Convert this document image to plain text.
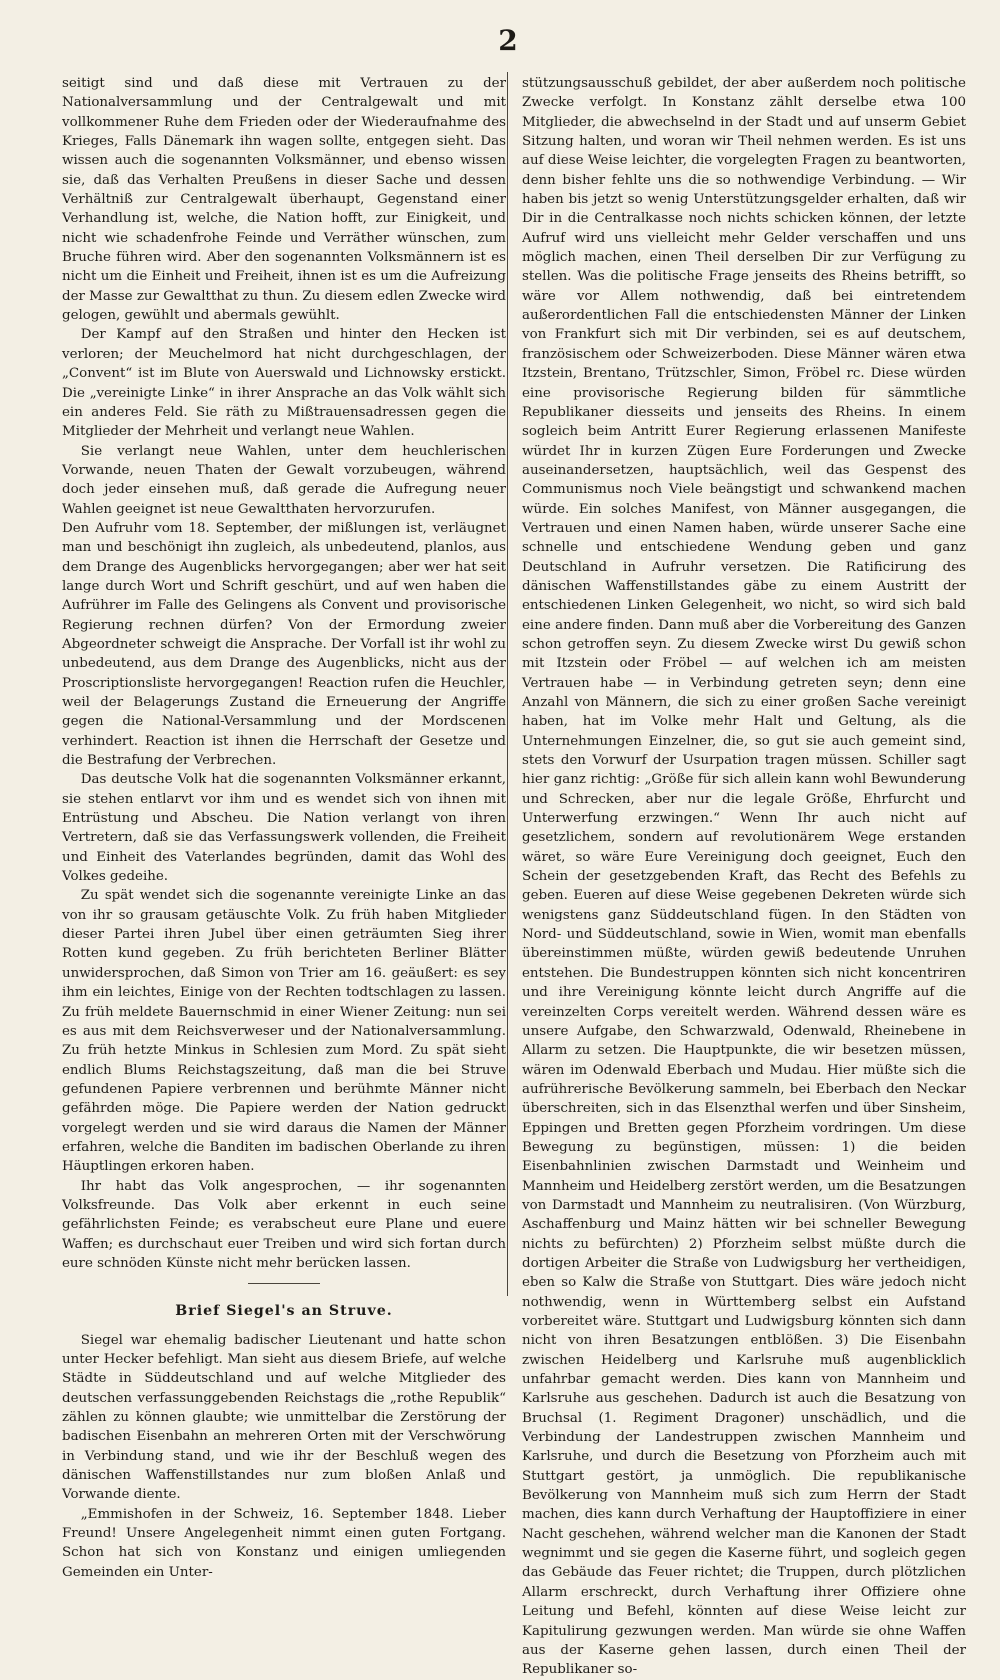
2

seitigt sind und daß diese mit Vertrauen zu der Nationalversammlung und der Centralgewalt und mit vollkommener Ruhe dem Frieden oder der Wiederaufnahme des Krieges, Falls Dänemark ihn wagen sollte, entgegen sieht. Das wissen auch die sogenannten Volksmänner, und ebenso wissen sie, daß das Verhalten Preußens in dieser Sache und dessen Verhältniß zur Centralgewalt überhaupt, Gegenstand einer Verhandlung ist, welche, die Nation hofft, zur Einigkeit, und nicht wie schadenfrohe Feinde und Verräther wünschen, zum Bruche führen wird. Aber den sogenannten Volksmännern ist es nicht um die Einheit und Freiheit, ihnen ist es um die Aufreizung der Masse zur Gewaltthat zu thun. Zu diesem edlen Zwecke wird gelogen, gewühlt und abermals gewühlt.

Der Kampf auf den Straßen und hinter den Hecken ist verloren; der Meuchelmord hat nicht durchgeschlagen, der „Convent“ ist im Blute von Auerswald und Lichnowsky erstickt. Die „vereinigte Linke“ in ihrer Ansprache an das Volk wählt sich ein anderes Feld. Sie räth zu Mißtrauensadressen gegen die Mitglieder der Mehrheit und verlangt neue Wahlen.

Sie verlangt neue Wahlen, unter dem heuchlerischen Vorwande, neuen Thaten der Gewalt vorzubeugen, während doch jeder einsehen muß, daß gerade die Aufregung neuer Wahlen geeignet ist neue Gewaltthaten hervorzurufen.

Den Aufruhr vom 18. September, der mißlungen ist, verläugnet man und beschönigt ihn zugleich, als unbedeutend, planlos, aus dem Drange des Augenblicks hervorgegangen; aber wer hat seit lange durch Wort und Schrift geschürt, und auf wen haben die Aufrührer im Falle des Gelingens als Convent und provisorische Regierung rechnen dürfen? Von der Ermordung zweier Abgeordneter schweigt die Ansprache. Der Vorfall ist ihr wohl zu unbedeutend, aus dem Drange des Augenblicks, nicht aus der Proscriptionsliste hervorgegangen! Reaction rufen die Heuchler, weil der Belagerungs Zustand die Erneuerung der Angriffe gegen die National-Versammlung und der Mordscenen verhindert. Reaction ist ihnen die Herrschaft der Gesetze und die Bestrafung der Verbrechen.

Das deutsche Volk hat die sogenannten Volksmänner erkannt, sie stehen entlarvt vor ihm und es wendet sich von ihnen mit Entrüstung und Abscheu. Die Nation verlangt von ihren Vertretern, daß sie das Verfassungswerk vollenden, die Freiheit und Einheit des Vaterlandes begründen, damit das Wohl des Volkes gedeihe.

Zu spät wendet sich die sogenannte vereinigte Linke an das von ihr so grausam getäuschte Volk. Zu früh haben Mitglieder dieser Partei ihren Jubel über einen geträumten Sieg ihrer Rotten kund gegeben. Zu früh berichteten Berliner Blätter unwidersprochen, daß Simon von Trier am 16. geäußert: es sey ihm ein leichtes, Einige von der Rechten todtschlagen zu lassen. Zu früh meldete Bauernschmid in einer Wiener Zeitung: nun sei es aus mit dem Reichsverweser und der Nationalversammlung. Zu früh hetzte Minkus in Schlesien zum Mord. Zu spät sieht endlich Blums Reichstagszeitung, daß man die bei Struve gefundenen Papiere verbrennen und berühmte Männer nicht gefährden möge. Die Papiere werden der Nation gedruckt vorgelegt werden und sie wird daraus die Namen der Männer erfahren, welche die Banditen im badischen Oberlande zu ihren Häuptlingen erkoren haben.

Ihr habt das Volk angesprochen, — ihr sogenannten Volksfreunde. Das Volk aber erkennt in euch seine gefährlichsten Feinde; es verabscheut eure Plane und euere Waffen; es durchschaut euer Treiben und wird sich fortan durch eure schnöden Künste nicht mehr berücken lassen.

Brief Siegel's an Struve.

Siegel war ehemalig badischer Lieutenant und hatte schon unter Hecker befehligt. Man sieht aus diesem Briefe, auf welche Städte in Süddeutschland und auf welche Mitglieder des deutschen verfassunggebenden Reichstags die „rothe Republik“ zählen zu können glaubte; wie unmittelbar die Zerstörung der badischen Eisenbahn an mehreren Orten mit der Verschwörung in Verbindung stand, und wie ihr der Beschluß wegen des dänischen Waffenstillstandes nur zum bloßen Anlaß und Vorwande diente.

„Emmishofen in der Schweiz, 16. September 1848. Lieber Freund! Unsere Angelegenheit nimmt einen guten Fortgang. Schon hat sich von Konstanz und einigen umliegenden Gemeinden ein Unter-

stützungsausschuß gebildet, der aber außerdem noch politische Zwecke verfolgt. In Konstanz zählt derselbe etwa 100 Mitglieder, die abwechselnd in der Stadt und auf unserm Gebiet Sitzung halten, und woran wir Theil nehmen werden. Es ist uns auf diese Weise leichter, die vorgelegten Fragen zu beantworten, denn bisher fehlte uns die so nothwendige Verbindung. — Wir haben bis jetzt so wenig Unterstützungsgelder erhalten, daß wir Dir in die Centralkasse noch nichts schicken können, der letzte Aufruf wird uns vielleicht mehr Gelder verschaffen und uns möglich machen, einen Theil derselben Dir zur Verfügung zu stellen. Was die politische Frage jenseits des Rheins betrifft, so wäre vor Allem nothwendig, daß bei eintretendem außerordentlichen Fall die entschiedensten Männer der Linken von Frankfurt sich mit Dir verbinden, sei es auf deutschem, französischem oder Schweizerboden. Diese Männer wären etwa Itzstein, Brentano, Trützschler, Simon, Fröbel rc. Diese würden eine provisorische Regierung bilden für sämmtliche Republikaner diesseits und jenseits des Rheins. In einem sogleich beim Antritt Eurer Regierung erlassenen Manifeste würdet Ihr in kurzen Zügen Eure Forderungen und Zwecke auseinandersetzen, hauptsächlich, weil das Gespenst des Communismus noch Viele beängstigt und schwankend machen würde. Ein solches Manifest, von Männer ausgegangen, die Vertrauen und einen Namen haben, würde unserer Sache eine schnelle und entschiedene Wendung geben und ganz Deutschland in Aufruhr versetzen. Die Ratificirung des dänischen Waffenstillstandes gäbe zu einem Austritt der entschiedenen Linken Gelegenheit, wo nicht, so wird sich bald eine andere finden. Dann muß aber die Vorbereitung des Ganzen schon getroffen seyn. Zu diesem Zwecke wirst Du gewiß schon mit Itzstein oder Fröbel — auf welchen ich am meisten Vertrauen habe — in Verbindung getreten seyn; denn eine Anzahl von Männern, die sich zu einer großen Sache vereinigt haben, hat im Volke mehr Halt und Geltung, als die Unternehmungen Einzelner, die, so gut sie auch gemeint sind, stets den Vorwurf der Usurpation tragen müssen. Schiller sagt hier ganz richtig: „Größe für sich allein kann wohl Bewunderung und Schrecken, aber nur die legale Größe, Ehrfurcht und Unterwerfung erzwingen.“ Wenn Ihr auch nicht auf gesetzlichem, sondern auf revolutionärem Wege erstanden wäret, so wäre Eure Vereinigung doch geeignet, Euch den Schein der gesetzgebenden Kraft, das Recht des Befehls zu geben. Eueren auf diese Weise gegebenen Dekreten würde sich wenigstens ganz Süddeutschland fügen. In den Städten von Nord- und Süddeutschland, sowie in Wien, womit man ebenfalls übereinstimmen müßte, würden gewiß bedeutende Unruhen entstehen. Die Bundestruppen könnten sich nicht koncentriren und ihre Vereinigung könnte leicht durch Angriffe auf die vereinzelten Corps vereitelt werden. Während dessen wäre es unsere Aufgabe, den Schwarzwald, Odenwald, Rheinebene in Allarm zu setzen. Die Hauptpunkte, die wir besetzen müssen, wären im Odenwald Eberbach und Mudau. Hier müßte sich die aufrührerische Bevölkerung sammeln, bei Eberbach den Neckar überschreiten, sich in das Elsenzthal werfen und über Sinsheim, Eppingen und Bretten gegen Pforzheim vordringen. Um diese Bewegung zu begünstigen, müssen: 1) die beiden Eisenbahnlinien zwischen Darmstadt und Weinheim und Mannheim und Heidelberg zerstört werden, um die Besatzungen von Darmstadt und Mannheim zu neutralisiren. (Von Würzburg, Aschaffenburg und Mainz hätten wir bei schneller Bewegung nichts zu befürchten) 2) Pforzheim selbst müßte durch die dortigen Arbeiter die Straße von Ludwigsburg her vertheidigen, eben so Kalw die Straße von Stuttgart. Dies wäre jedoch nicht nothwendig, wenn in Württemberg selbst ein Aufstand vorbereitet wäre. Stuttgart und Ludwigsburg könnten sich dann nicht von ihren Besatzungen entblößen. 3) Die Eisenbahn zwischen Heidelberg und Karlsruhe muß augenblicklich unfahrbar gemacht werden. Dies kann von Mannheim und Karlsruhe aus geschehen. Dadurch ist auch die Besatzung von Bruchsal (1. Regiment Dragoner) unschädlich, und die Verbindung der Landestruppen zwischen Mannheim und Karlsruhe, und durch die Besetzung von Pforzheim auch mit Stuttgart gestört, ja unmöglich. Die republikanische Bevölkerung von Mannheim muß sich zum Herrn der Stadt machen, dies kann durch Verhaftung der Hauptoffiziere in einer Nacht geschehen, während welcher man die Kanonen der Stadt wegnimmt und sie gegen die Kaserne führt, und sogleich gegen das Gebäude das Feuer richtet; die Truppen, durch plötzlichen Allarm erschreckt, durch Verhaftung ihrer Offiziere ohne Leitung und Befehl, könnten auf diese Weise leicht zur Kapitulirung gezwungen werden. Man würde sie ohne Waffen aus der Kaserne gehen lassen, durch einen Theil der Republikaner so-
